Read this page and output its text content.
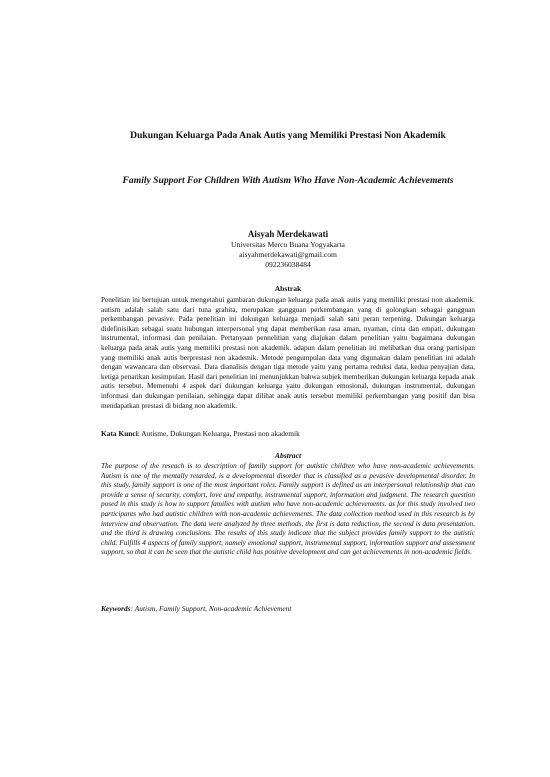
Dukungan Keluarga Pada Anak Autis yang Memiliki Prestasi Non Akademik
Family Support For Children With Autism Who Have Non-Academic Achievements
Aisyah Merdekawati
Universitas Mercu Buana Yogyakarta
aisyahmerdekawati@gmail.com
092236038484
Abstrak
Penelitian ini bertujuan untuk mengetahui gambaran dukungan keluarga pada anak autis yang memiliki prestasi non akademik. autism adalah salah satu dari tuna grahita, merupakan gangguan perkembangan yang di golongkan sebagai gangguan perkembangan pevasive. Pada penelitian ini dukungan keluarga menjadi salah satu peran terpening. Dukungan keluarga didefinisikan sebagai suatu hubungan interpersonal yng dapat memberikan rasa aman, nyaman, cinta dan empati, dukungan instrumental, informasi dan penilaian. Pertanyaan pennelitian yang diajukan dalam penelitian yaitu bagaimana dukungan keluarga pada anak autis yang memiliki prestasi non akademik. adapun dalam penelitian ini melibatkan dua orang partisipan yang memiliki anak autis berprestasi non akademik. Metode pengumpulan data yang digunakan dalam penelitian ini adalah dengan wawancara dan observasi. Data dianalisis dengan tiga metode yaitu yang pertama reduksi data, kedua penyajian data, ketiga penarikan kesimpulan. Hasil dari penelitian ini menunjukkan bahwa subjek memberikan dukungan keluarga kepada anak autis tersebut. Memenuhi 4 aspek dari dukungan keluarga yaitu dukungan emosional, dukungan instrumental, dukungan informasi dan dukungan penilaian, sehingga dapat dilihat anak autis tersebut memiliki perkembangan yang positif dan bisa mendapatkan prestasi di bidang non akademik.
Kata Kunci: Autisme, Dukungan Keluarga, Prestasi non akademik
Abstract
The purpose of the reseach is to description of family support for autistic children who have non-academic achievements. Autism is one of the mentally retarded, is a developmental disorder that is classified as a pevasive developmental disorder. In this study, family support is one of the most important roles. Family support is defined as an interpersonal relationship that can provide a sense of security, comfort, love and empathy, instrumental support, information and judgment. The research question posed in this study is how to support families with autism who have non-academic achievements. as for this study involved two participants who had autistic children with non-academic achievements. The data collection method used in this research is by interview and observation. The data were analyzed by three methods, the first is data reduction, the second is data presentation, and the third is drawing conclusions. The results of this study indicate that the subject provides family support to the autistic child. Fulfills 4 aspects of family support, namely emotional support, instrumental support, information support and assessment support, so that it can be seen that the autistic child has positive development and can get achievements in non-academic fields.
Keywords: Autism, Family Support, Non-academic Achievement
